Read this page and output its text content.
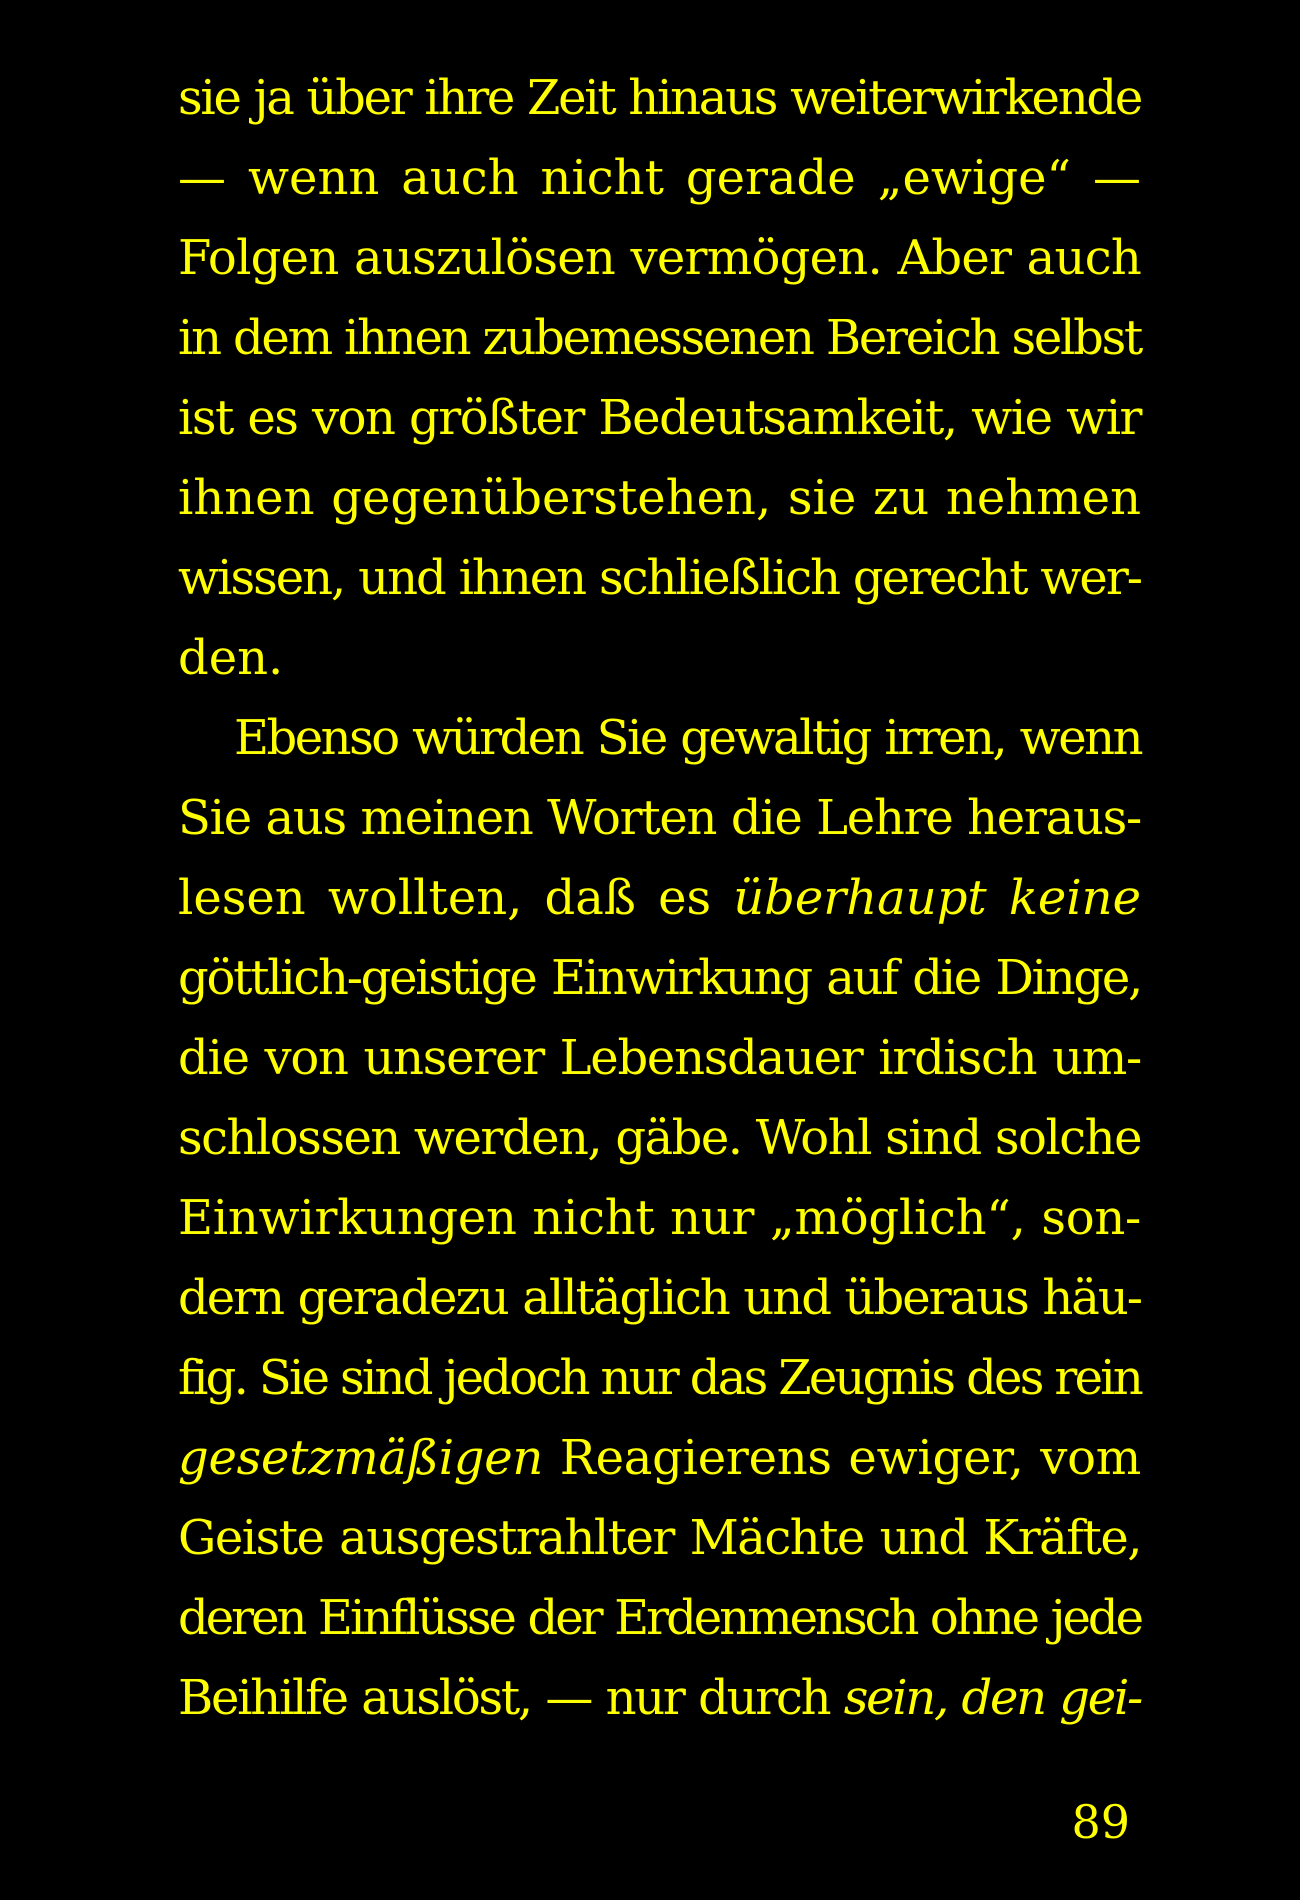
sie ja über ihre Zeit hinaus weiterwirkende
— wenn auch nicht gerade „ewige“ —
Folgen auszulösen vermögen. Aber auch
in dem ihnen zubemessenen Bereich selbst
ist es von größter Bedeutsamkeit, wie wir
ihnen gegenüberstehen, sie zu nehmen
wissen, und ihnen schließlich gerecht wer-
den.
Ebenso würden Sie gewaltig irren, wenn
Sie aus meinen Worten die Lehre heraus-
lesen wollten, daß es überhaupt keine
göttlich-geistige Einwirkung auf die Dinge,
die von unserer Lebensdauer irdisch um-
schlossen werden, gäbe. Wohl sind solche
Einwirkungen nicht nur „möglich“, son-
dern geradezu alltäglich und überaus häu-
fig. Sie sind jedoch nur das Zeugnis des rein
gesetzmäßigen Reagierens ewiger, vom
Geiste ausgestrahlter Mächte und Kräfte,
deren Einflüsse der Erdenmensch ohne jede
Beihilfe auslöst, — nur durch sein, den gei-
89
